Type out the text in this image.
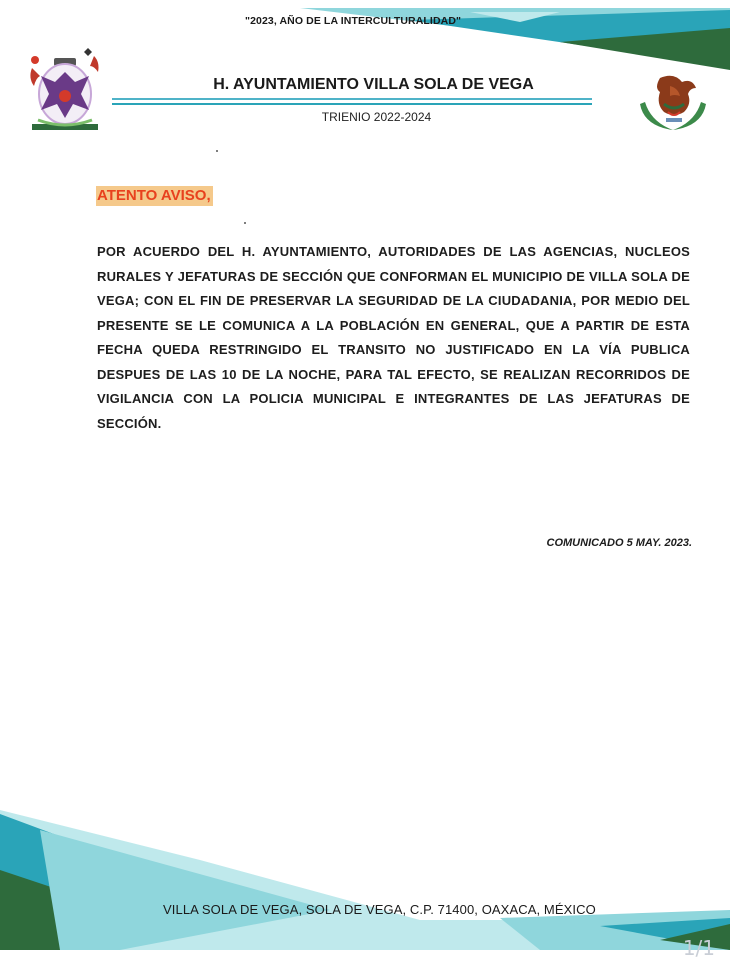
"2023, AÑO DE LA INTERCULTURALIDAD"
H. AYUNTAMIENTO VILLA SOLA DE VEGA
TRIENIO 2022-2024
ATENTO AVISO,
POR ACUERDO DEL H. AYUNTAMIENTO, AUTORIDADES DE LAS AGENCIAS, NUCLEOS RURALES Y JEFATURAS DE SECCIÓN QUE CONFORMAN EL MUNICIPIO DE VILLA SOLA DE VEGA; CON EL FIN DE PRESERVAR LA SEGURIDAD DE LA CIUDADANIA, POR MEDIO DEL PRESENTE SE LE COMUNICA A LA POBLACIÓN EN GENERAL, QUE A PARTIR DE ESTA FECHA QUEDA RESTRINGIDO EL TRANSITO NO JUSTIFICADO EN LA VÍA PUBLICA DESPUES DE LAS 10 DE LA NOCHE, PARA TAL EFECTO, SE REALIZAN RECORRIDOS DE VIGILANCIA CON LA POLICIA MUNICIPAL E INTEGRANTES DE LAS JEFATURAS DE SECCIÓN.
COMUNICADO 5 MAY. 2023.
VILLA SOLA DE VEGA, SOLA DE VEGA, C.P. 71400, OAXACA, MÉXICO
1/1
